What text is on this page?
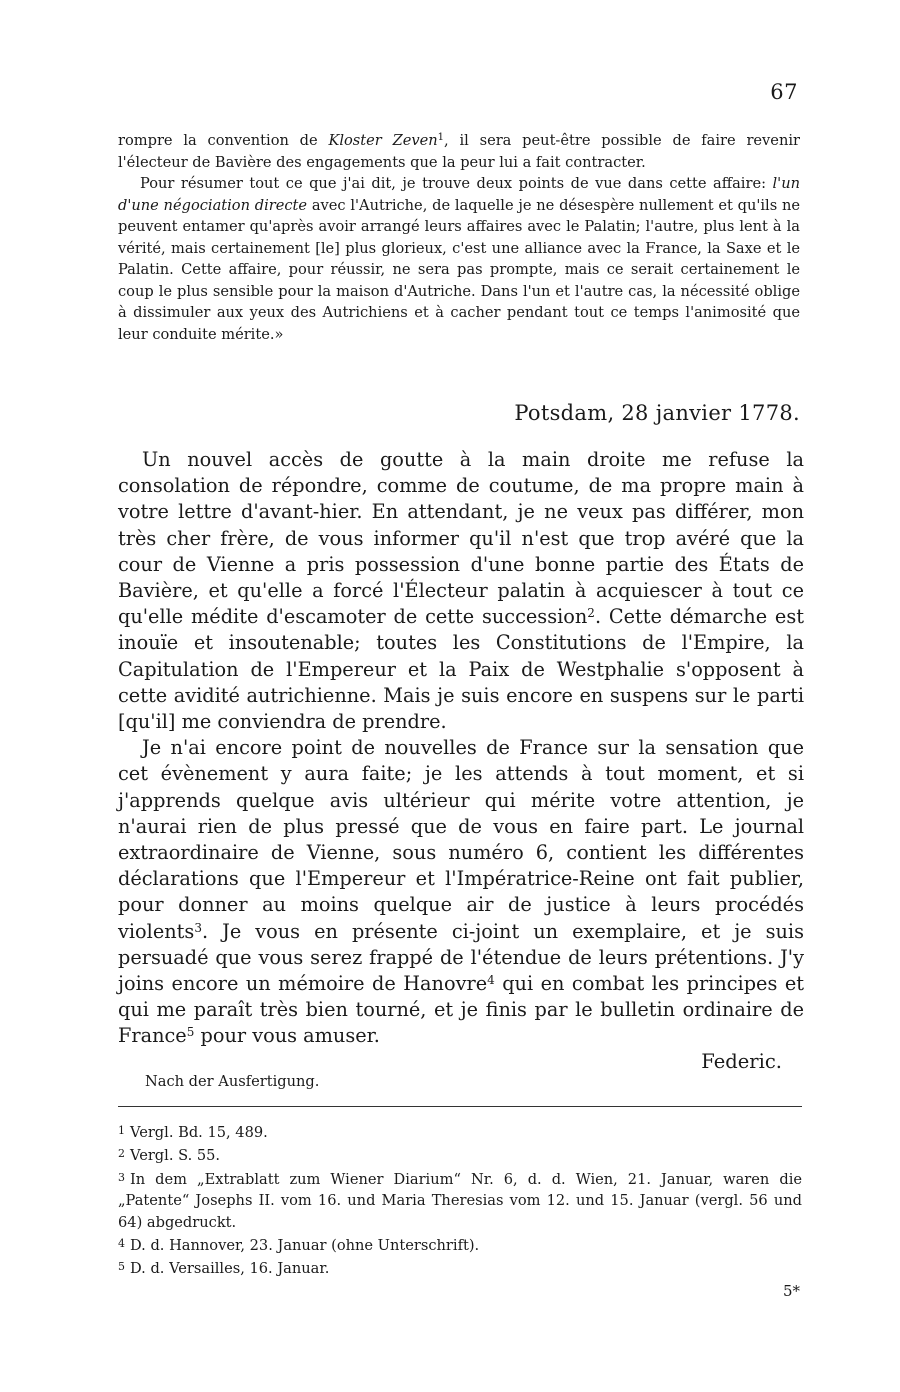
67

rompre la convention de Kloster Zeven$^1$, il sera peut-être possible de faire revenir l'électeur de Bavière des engagements que la peur lui a fait contracter.

Pour résumer tout ce que j'ai dit, je trouve deux points de vue dans cette affaire: l'un d'une négociation directe avec l'Autriche, de laquelle je ne désespère nullement et qu'ils ne peuvent entamer qu'après avoir arrangé leurs affaires avec le Palatin; l'autre, plus lent à la vérité, mais certainement [le] plus glorieux, c'est une alliance avec la France, la Saxe et le Palatin. Cette affaire, pour réussir, ne sera pas prompte, mais ce serait certainement le coup le plus sensible pour la maison d'Autriche. Dans l'un et l'autre cas, la nécessité oblige à dissimuler aux yeux des Autrichiens et à cacher pendant tout ce temps l'animosité que leur conduite mérite.»

Potsdam, 28 janvier 1778.

Un nouvel accès de goutte à la main droite me refuse la consolation de répondre, comme de coutume, de ma propre main à votre lettre d'avant-hier. En attendant, je ne veux pas différer, mon très cher frère, de vous informer qu'il n'est que trop avéré que la cour de Vienne a pris possession d'une bonne partie des États de Bavière, et qu'elle a forcé l'Électeur palatin à acquiescer à tout ce qu'elle médite d'escamoter de cette succession$^2$. Cette démarche est inouïe et insoutenable; toutes les Constitutions de l'Empire, la Capitulation de l'Empereur et la Paix de Westphalie s'opposent à cette avidité autrichienne. Mais je suis encore en suspens sur le parti [qu'il] me conviendra de prendre.

Je n'ai encore point de nouvelles de France sur la sensation que cet évènement y aura faite; je les attends à tout moment, et si j'apprends quelque avis ultérieur qui mérite votre attention, je n'aurai rien de plus pressé que de vous en faire part. Le journal extraordinaire de Vienne, sous numéro 6, contient les différentes déclarations que l'Empereur et l'Impératrice-Reine ont fait publier, pour donner au moins quelque air de justice à leurs procédés violents$^3$. Je vous en présente ci-joint un exemplaire, et je suis persuadé que vous serez frappé de l'étendue de leurs prétentions. J'y joins encore un mémoire de Hanovre$^4$ qui en combat les principes et qui me paraît très bien tourné, et je finis par le bulletin ordinaire de France$^5$ pour vous amuser.

Federic.
Nach der Ausfertigung.

$^1$ Vergl. Bd. 15, 489.

$^2$ Vergl. S. 55.

$^3$ In dem „Extrablatt zum Wiener Diarium“ Nr. 6, d. d. Wien, 21. Januar, waren die „Patente“ Josephs II. vom 16. und Maria Theresias vom 12. und 15. Januar (vergl. 56 und 64) abgedruckt.

$^4$ D. d. Hannover, 23. Januar (ohne Unterschrift).

$^5$ D. d. Versailles, 16. Januar.

5*
